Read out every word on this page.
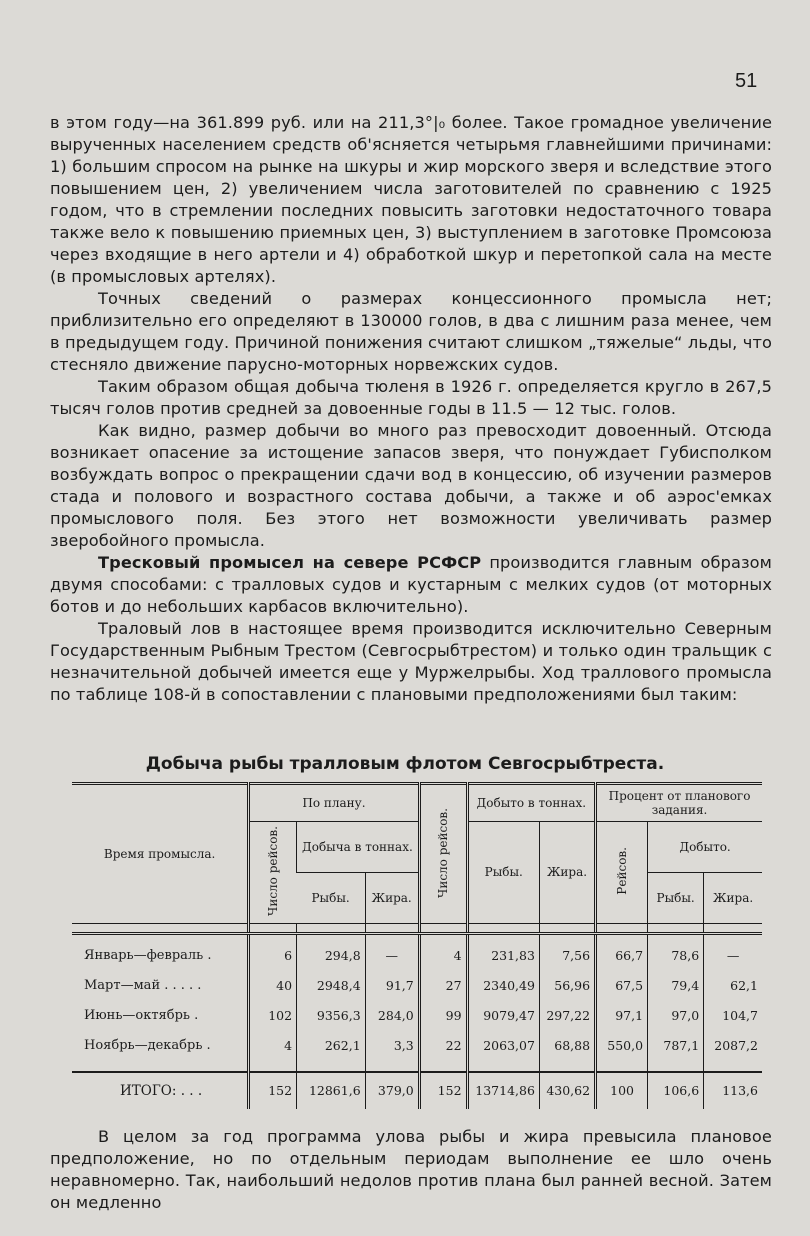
51

в этом году—на 361.899 руб. или на 211,3°|₀ более. Такое громадное увеличение вырученных населением средств об'ясняется четырьмя главнейшими причинами: 1) большим спросом на рынке на шкуры и жир морского зверя и вследствие этого повышением цен, 2) увеличением числа заготовителей по сравнению с 1925 годом, что в стремлении последних повысить заготовки недостаточного товара также вело к повышению приемных цен, 3) выступлением в заготовке Промсоюза через входящие в него артели и 4) обработкой шкур и перетопкой сала на месте (в промысловых артелях).

Точных сведений о размерах концессионного промысла нет; приблизительно его определяют в 130000 голов, в два с лишним раза менее, чем в предыдущем году. Причиной понижения считают слишком „тяжелые“ льды, что стесняло движение парусно-моторных норвежских судов.

Таким образом общая добыча тюленя в 1926 г. определяется кругло в 267,5 тысяч голов против средней за довоенные годы в 11.5 — 12 тыс. голов.

Как видно, размер добычи во много раз превосходит довоенный. Отсюда возникает опасение за истощение запасов зверя, что понуждает Губисполком возбуждать вопрос о прекращении сдачи вод в концессию, об изучении размеров стада и полового и возрастного состава добычи, а также и об аэрос'емках промыслового поля. Без этого нет возможности увеличивать размер зверобойного промысла.

Тресковый промысел на севере РСФСР производится главным образом двумя способами: с тралловых судов и кустарным с мелких судов (от моторных ботов и до небольших карбасов включительно).

Траловый лов в настоящее время производится исключительно Северным Государственным Рыбным Трестом (Севгосрыбтрестом) и только один тральщик с незначительной добычей имеется еще у Муржелрыбы. Ход траллового промысла по таблице 108-й в сопоставлении с плановыми предположениями был таким:

Добыча рыбы тралловым флотом Севгосрыбтреста.
Время промысла.	По плану.			Число рейсов.	Добыто в тоннах.		Процент от планового задания.		
	Число рейсов.	Добыча в тоннах.			Рыбы.	Жира.	Рейсов.	Добыто.	
		Рыбы.	Жира.					Рыбы.	Жира.

Январь—февраль .	6	294,8	—	4	231,83	7,56	66,7	78,6	—
Март—май . . . . .	40	2948,4	91,7	27	2340,49	56,96	67,5	79,4	62,1
Июнь—октябрь .	102	9356,3	284,0	99	9079,47	297,22	97,1	97,0	104,7
Ноябрь—декабрь .	4	262,1	3,3	22	2063,07	68,88	550,0	787,1	2087,2

ИТОГО: . . .	152	12861,6	379,0	152	13714,86	430,62	100	106,6	113,6

В целом за год программа улова рыбы и жира превысила плановое предположение, но по отдельным периодам выполнение ее шло очень неравномерно. Так, наибольший недолов против плана был ранней весной. Затем он медленно
